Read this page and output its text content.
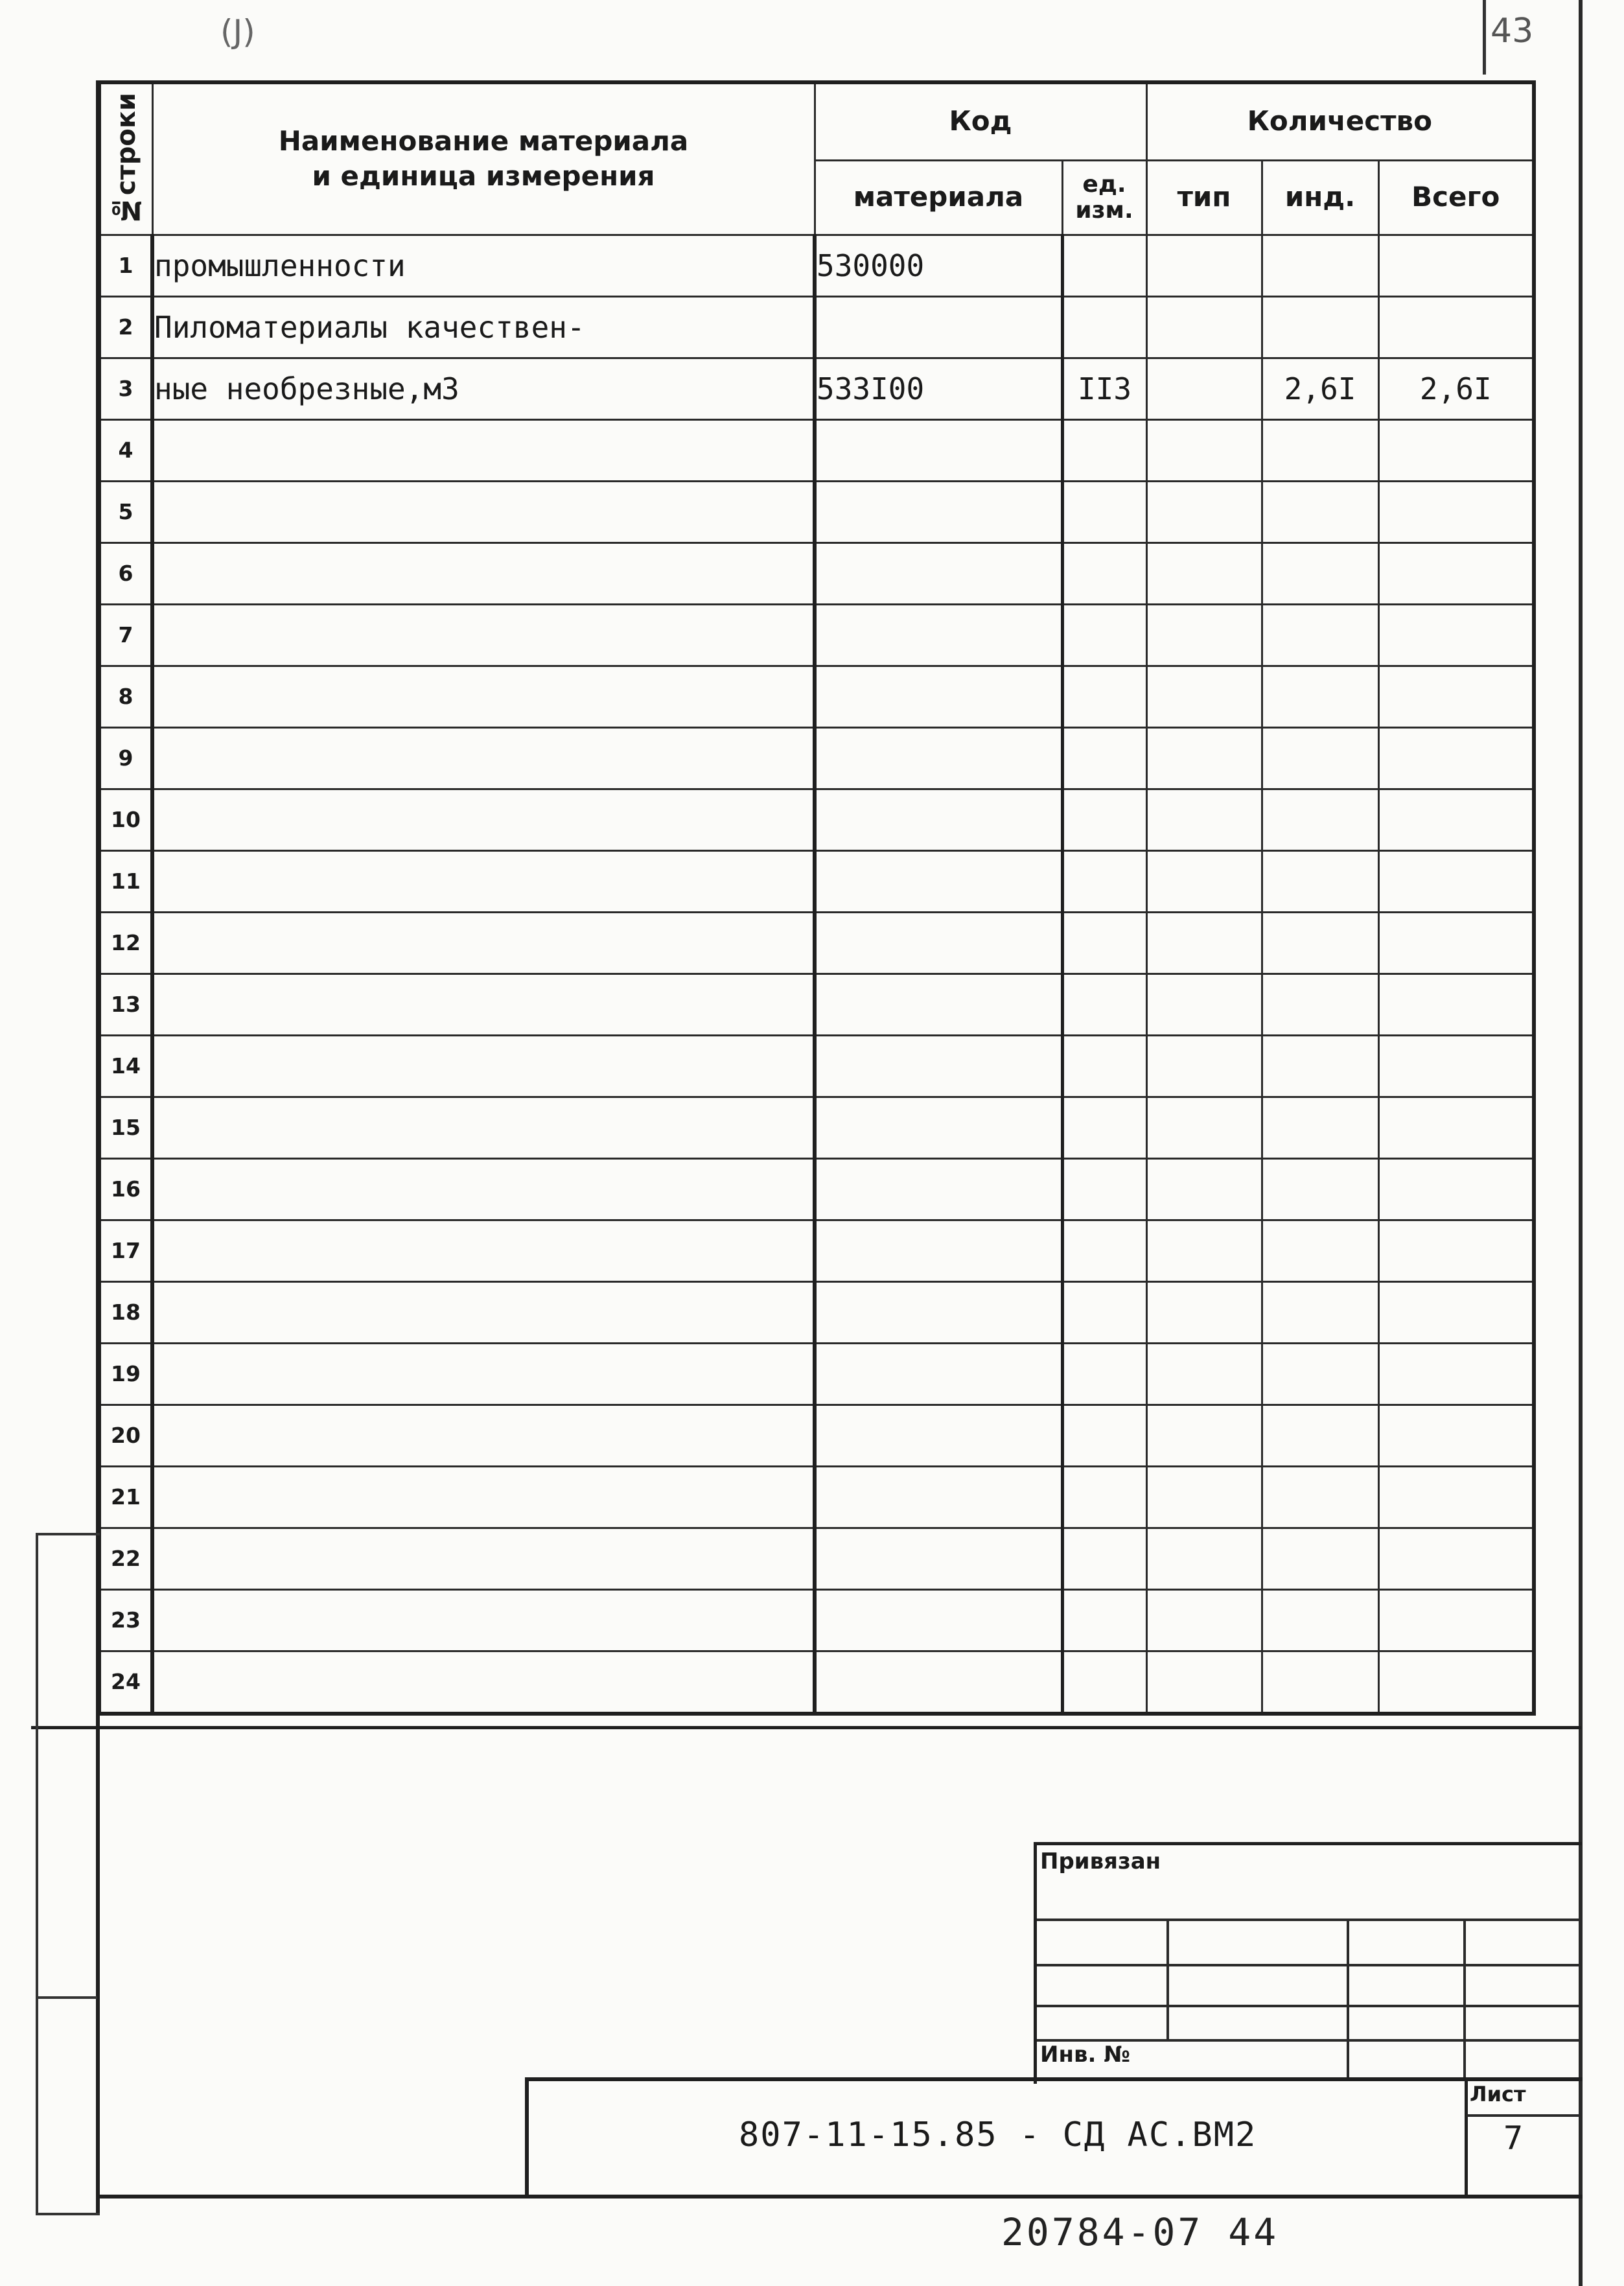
(J)	43
№строки	Наименование материала
и единица измерения	Код		Количество		
		материала	ед. изм.	тип	инд.	Всего
1	промышленности	530000				
2	Пиломатериалы качествен-					
3	ные необрезные,м3	533I00	II3		2,6I	2,6I
4						
5						
6						
7						
8						
9						
10						
11						
12						
13						
14						
15						
16						
17						
18						
19						
20						
21						
22						
23						
24						
Привязан
Инв. №
807-11-15.85 - СД АС.ВМ2
Лист
7
20784-07 44
